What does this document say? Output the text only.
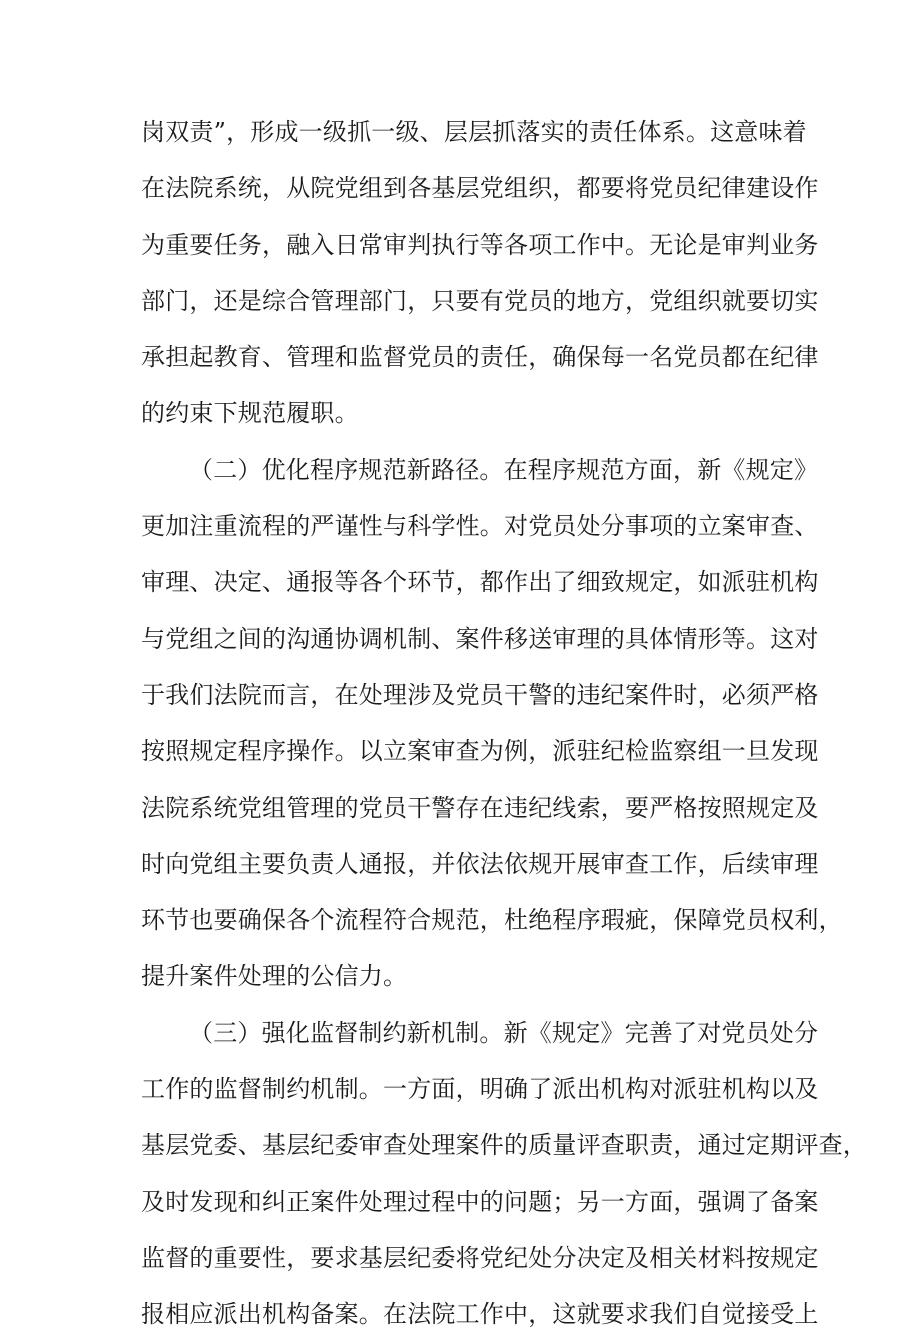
岗双责”，形成一级抓一级、层层抓落实的责任体系。这意味着
在法院系统，从院党组到各基层党组织，都要将党员纪律建设作
为重要任务，融入日常审判执行等各项工作中。无论是审判业务
部门，还是综合管理部门，只要有党员的地方，党组织就要切实
承担起教育、管理和监督党员的责任，确保每一名党员都在纪律
的约束下规范履职。
（二）优化程序规范新路径。在程序规范方面，新《规定》
更加注重流程的严谨性与科学性。对党员处分事项的立案审查、
审理、决定、通报等各个环节，都作出了细致规定，如派驻机构
与党组之间的沟通协调机制、案件移送审理的具体情形等。这对
于我们法院而言，在处理涉及党员干警的违纪案件时，必须严格
按照规定程序操作。以立案审查为例，派驻纪检监察组一旦发现
法院系统党组管理的党员干警存在违纪线索，要严格按照规定及
时向党组主要负责人通报，并依法依规开展审查工作，后续审理
环节也要确保各个流程符合规范，杜绝程序瑕疵，保障党员权利，
提升案件处理的公信力。
（三）强化监督制约新机制。新《规定》完善了对党员处分
工作的监督制约机制。一方面，明确了派出机构对派驻机构以及
基层党委、基层纪委审查处理案件的质量评查职责，通过定期评查，
及时发现和纠正案件处理过程中的问题；另一方面，强调了备案
监督的重要性，要求基层纪委将党纪处分决定及相关材料按规定
报相应派出机构备案。在法院工作中，这就要求我们自觉接受上
